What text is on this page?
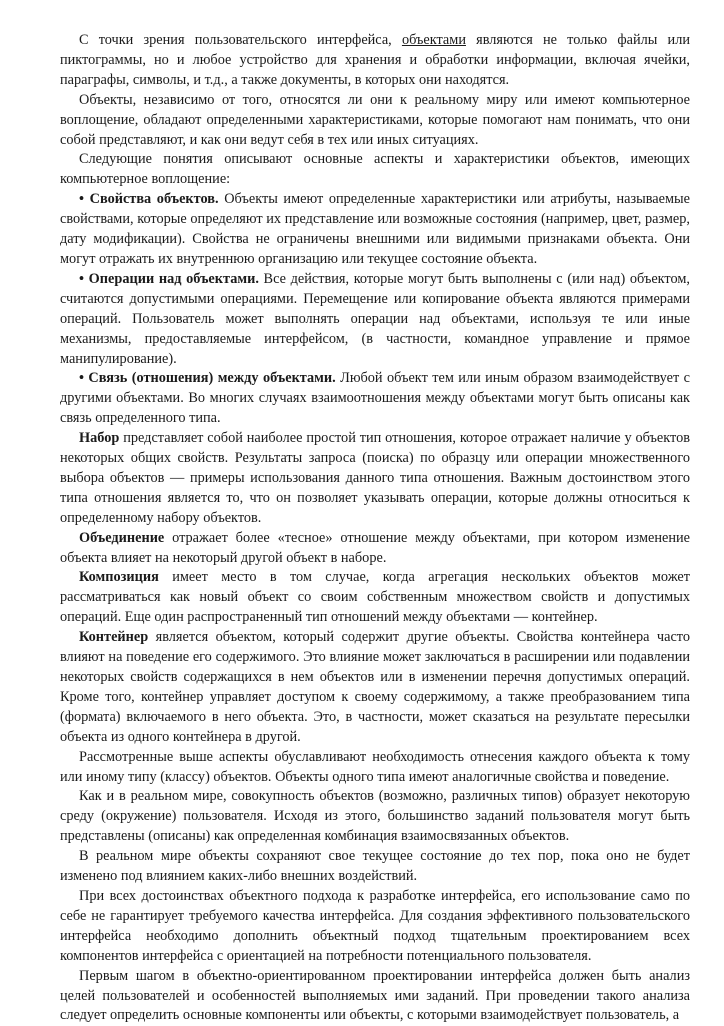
С точки зрения пользовательского интерфейса, объектами являются не только файлы или пиктограммы, но и любое устройство для хранения и обработки информации, включая ячейки, параграфы, символы, и т.д., а также документы, в которых они находятся.

Объекты, независимо от того, относятся ли они к реальному миру или имеют компьютерное воплощение, обладают определенными характеристиками, которые помогают нам понимать, что они собой представляют, и как они ведут себя в тех или иных ситуациях.

Следующие понятия описывают основные аспекты и характеристики объектов, имеющих компьютерное воплощение:

• Свойства объектов. Объекты имеют определенные характеристики или атрибуты, называемые свойствами, которые определяют их представление или возможные состояния (например, цвет, размер, дату модификации). Свойства не ограничены внешними или видимыми признаками объекта. Они могут отражать их внутреннюю организацию или текущее состояние объекта.

• Операции над объектами. Все действия, которые могут быть выполнены с (или над) объектом, считаются допустимыми операциями. Перемещение или копирование объекта являются примерами операций. Пользователь может выполнять операции над объектами, используя те или иные механизмы, предоставляемые интерфейсом, (в частности, командное управление и прямое манипулирование).

• Связь (отношения) между объектами. Любой объект тем или иным образом взаимодействует с другими объектами. Во многих случаях взаимоотношения между объектами могут быть описаны как связь определенного типа.

Набор представляет собой наиболее простой тип отношения, которое отражает наличие у объектов некоторых общих свойств. Результаты запроса (поиска) по образцу или операции множественного выбора объектов — примеры использования данного типа отношения. Важным достоинством этого типа отношения является то, что он позволяет указывать операции, которые должны относиться к определенному набору объектов.

Объединение отражает более «тесное» отношение между объектами, при котором изменение объекта влияет на некоторый другой объект в наборе.

Композиция имеет место в том случае, когда агрегация нескольких объектов может рассматриваться как новый объект со своим собственным множеством свойств и допустимых операций. Еще один распространенный тип отношений между объектами — контейнер.

Контейнер является объектом, который содержит другие объекты. Свойства контейнера часто влияют на поведение его содержимого. Это влияние может заключаться в расширении или подавлении некоторых свойств содержащихся в нем объектов или в изменении перечня допустимых операций. Кроме того, контейнер управляет доступом к своему содержимому, а также преобразованием типа (формата) включаемого в него объекта. Это, в частности, может сказаться на результате пересылки объекта из одного контейнера в другой.

Рассмотренные выше аспекты обуславливают необходимость отнесения каждого объекта к тому или иному типу (классу) объектов. Объекты одного типа имеют аналогичные свойства и поведение.

Как и в реальном мире, совокупность объектов (возможно, различных типов) образует некоторую среду (окружение) пользователя. Исходя из этого, большинство заданий пользователя могут быть представлены (описаны) как определенная комбинация взаимосвязанных объектов.

В реальном мире объекты сохраняют свое текущее состояние до тех пор, пока оно не будет изменено под влиянием каких-либо внешних воздействий.

При всех достоинствах объектного подхода к разработке интерфейса, его использование само по себе не гарантирует требуемого качества интерфейса. Для создания эффективного пользовательского интерфейса необходимо дополнить объектный подход тщательным проектированием всех компонентов интерфейса с ориентацией на потребности потенциального пользователя.

Первым шагом в объектно-ориентированном проектировании интерфейса должен быть анализ целей пользователей и особенностей выполняемых ими заданий. При проведении такого анализа следует определить основные компоненты или объекты, с которыми взаимодействует пользователь, а
